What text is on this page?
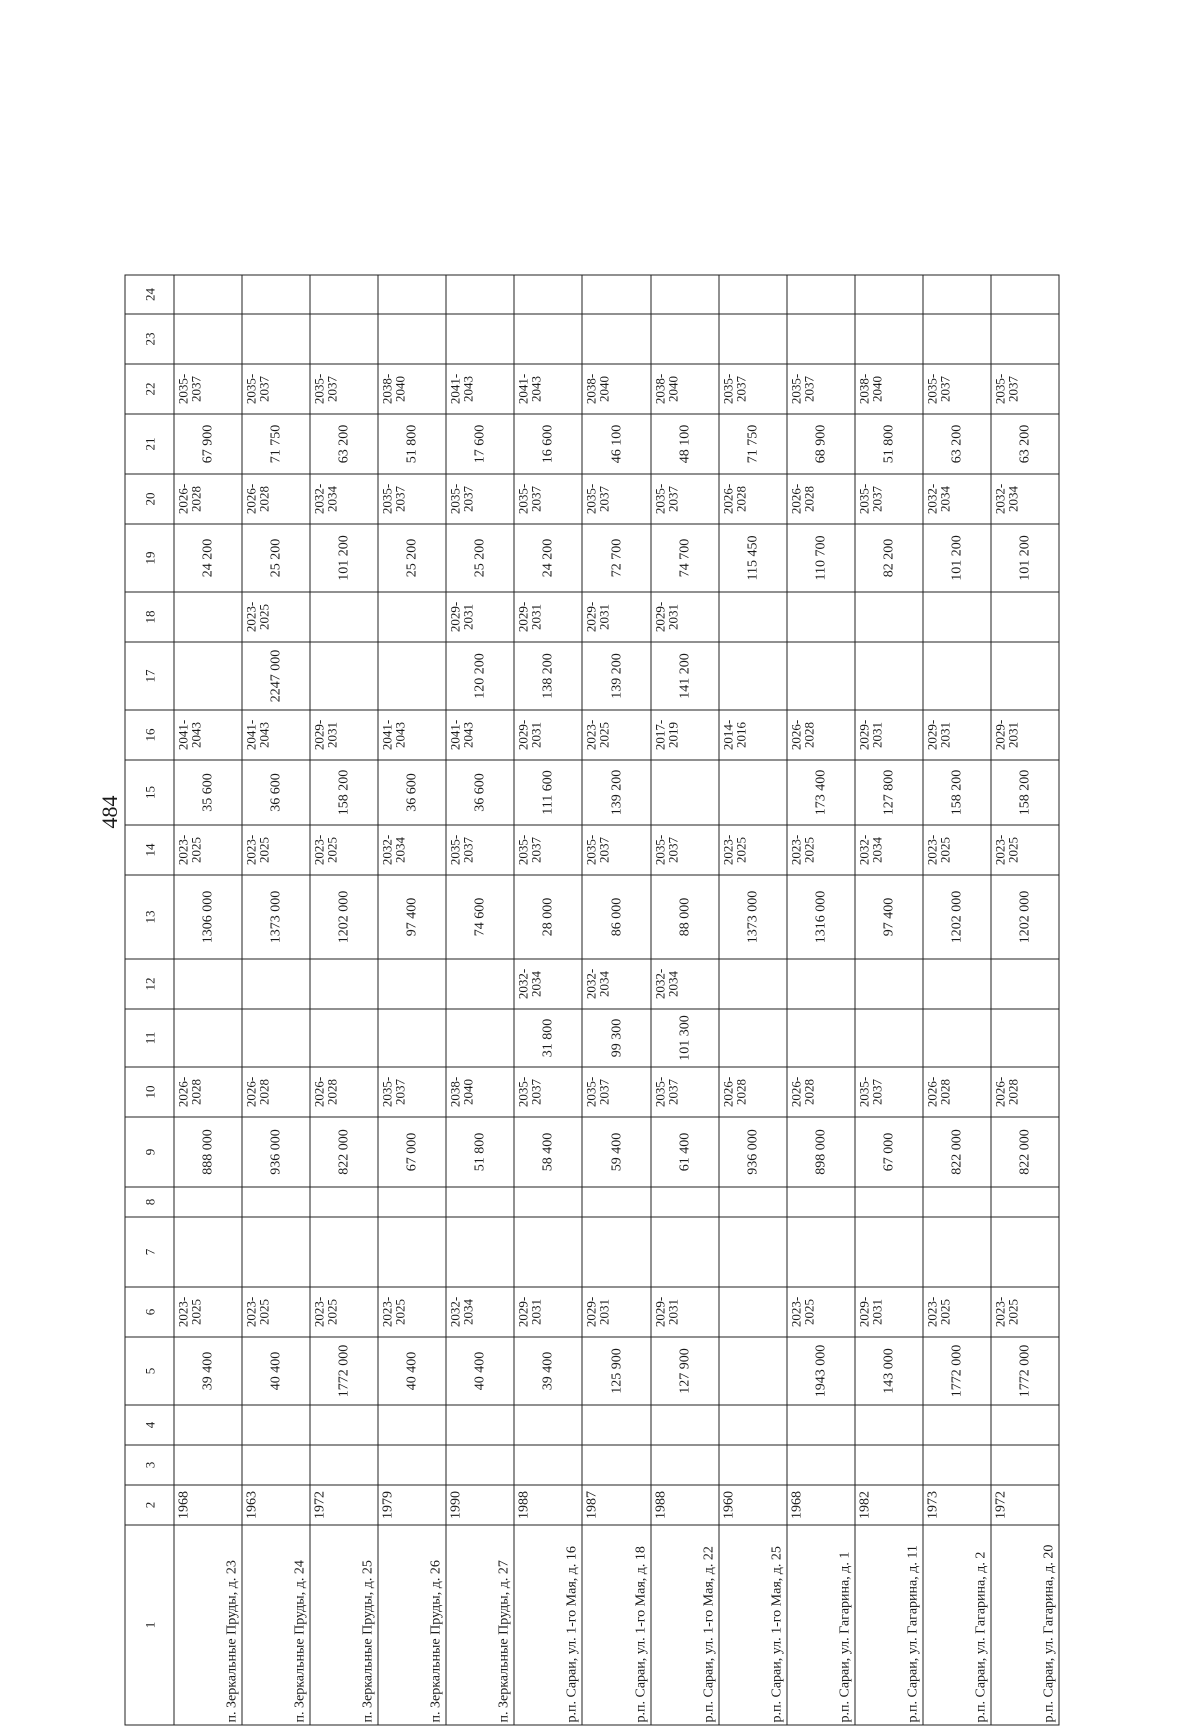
484
1	2	3	4	5	6	7	8	9	10	11	12	13	14	15	16	17	18	19	20	21	22	23	24
п. Зеркальные Пруды, д. 23	1968			39 400	2023-2025			888 000	2026-2028			1306 000	2023-2025	35 600	2041-2043			24 200	2026-2028	67 900	2035-2037		
п. Зеркальные Пруды, д. 24	1963			40 400	2023-2025			936 000	2026-2028			1373 000	2023-2025	36 600	2041-2043	2247 000	2023-2025	25 200	2026-2028	71 750	2035-2037		
п. Зеркальные Пруды, д. 25	1972			1772 000	2023-2025			822 000	2026-2028			1202 000	2023-2025	158 200	2029-2031			101 200	2032-2034	63 200	2035-2037		
п. Зеркальные Пруды, д. 26	1979			40 400	2023-2025			67 000	2035-2037			97 400	2032-2034	36 600	2041-2043			25 200	2035-2037	51 800	2038-2040		
п. Зеркальные Пруды, д. 27	1990			40 400	2032-2034			51 800	2038-2040			74 600	2035-2037	36 600	2041-2043	120 200	2029-2031	25 200	2035-2037	17 600	2041-2043		
р.п. Сараи, ул. 1-го Мая, д. 16	1988			39 400	2029-2031			58 400	2035-2037	31 800	2032-2034	28 000	2035-2037	111 600	2029-2031	138 200	2029-2031	24 200	2035-2037	16 600	2041-2043		
р.п. Сараи, ул. 1-го Мая, д. 18	1987			125 900	2029-2031			59 400	2035-2037	99 300	2032-2034	86 000	2035-2037	139 200	2023-2025	139 200	2029-2031	72 700	2035-2037	46 100	2038-2040		
р.п. Сараи, ул. 1-го Мая, д. 22	1988			127 900	2029-2031			61 400	2035-2037	101 300	2032-2034	88 000	2035-2037		2017-2019	141 200	2029-2031	74 700	2035-2037	48 100	2038-2040		
р.п. Сараи, ул. 1-го Мая, д. 25	1960							936 000	2026-2028			1373 000	2023-2025		2014-2016			115 450	2026-2028	71 750	2035-2037		
р.п. Сараи, ул. Гагарина, д. 1	1968			1943 000	2023-2025			898 000	2026-2028			1316 000	2023-2025	173 400	2026-2028			110 700	2026-2028	68 900	2035-2037		
р.п. Сараи, ул. Гагарина, д. 11	1982			143 000	2029-2031			67 000	2035-2037			97 400	2032-2034	127 800	2029-2031			82 200	2035-2037	51 800	2038-2040		
р.п. Сараи, ул. Гагарина, д. 2	1973			1772 000	2023-2025			822 000	2026-2028			1202 000	2023-2025	158 200	2029-2031			101 200	2032-2034	63 200	2035-2037		
р.п. Сараи, ул. Гагарина, д. 20	1972			1772 000	2023-2025			822 000	2026-2028			1202 000	2023-2025	158 200	2029-2031			101 200	2032-2034	63 200	2035-2037		
